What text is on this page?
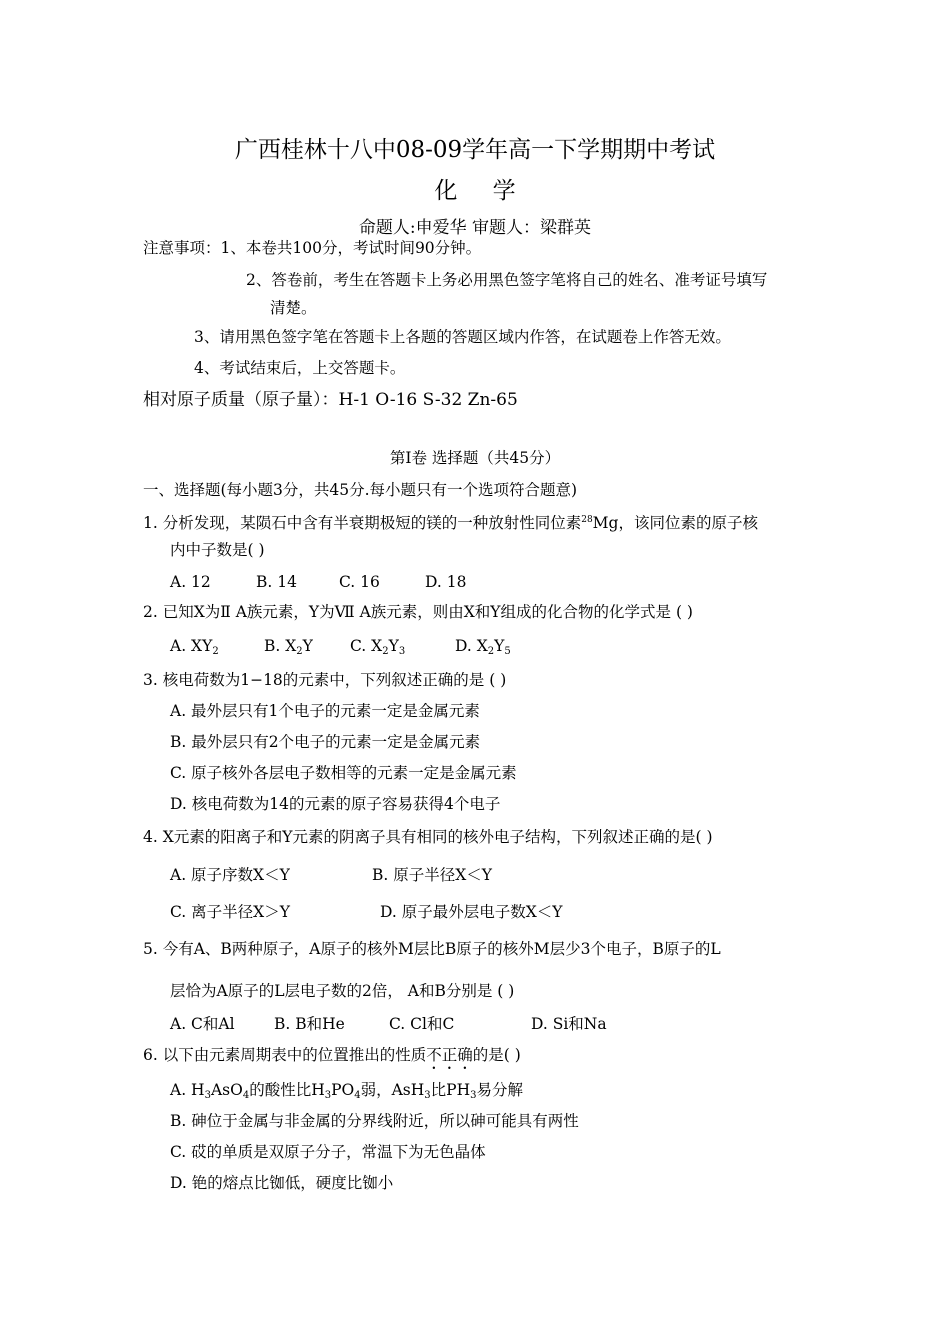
广西桂林十八中08-09学年高一下学期期中考试
化 学
命题人:申爱华 审题人：梁群英
注意事项：1、本卷共100分，考试时间90分钟。
2、答卷前，考生在答题卡上务必用黑色签字笔将自己的姓名、准考证号填写
清楚。
3、请用黑色签字笔在答题卡上各题的答题区域内作答，在试题卷上作答无效。
4、考试结束后，上交答题卡。
相对原子质量（原子量）：H-1 O-16 S-32 Zn-65
第Ⅰ卷 选择题（共45分）
一、选择题(每小题3分，共45分.每小题只有一个选项符合题意)
1. 分析发现，某陨石中含有半衰期极短的镁的一种放射性同位素$^{28}$Mg，该同位素的原子核
内中子数是( )
A. 12	B. 14	C. 16	D. 18
2. 已知X为Ⅱ A族元素，Y为Ⅶ A族元素，则由X和Y组成的化合物的化学式是 ( )
A. $XY_2$	B. $X_2Y$ C. $X_2Y_3$	D. $X_2Y_5$
3. 核电荷数为1−18的元素中，下列叙述正确的是 ( )
A. 最外层只有1个电子的元素一定是金属元素
B. 最外层只有2个电子的元素一定是金属元素
C. 原子核外各层电子数相等的元素一定是金属元素
D. 核电荷数为14的元素的原子容易获得4个电子
4. X元素的阳离子和Y元素的阴离子具有相同的核外电子结构，下列叙述正确的是( )
A. 原子序数X＜Y	B. 原子半径X＜Y
C. 离子半径X＞Y	D. 原子最外层电子数X＜Y
5. 今有A、B两种原子，A原子的核外M层比B原子的核外M层少3个电子，B原子的L
层恰为A原子的L层电子数的2倍， A和B分别是 ( )
A. C和Al	B. B和He	C. Cl和C	D. Si和Na
6. 以下由元素周期表中的位置推出的性质不正确的是( )
A. $H_3AsO_4$的酸性比$H_3PO_4$弱，AsH$_3$比$PH_3$易分解
B. 砷位于金属与非金属的分界线附近，所以砷可能具有两性
C. 砹的单质是双原子分子，常温下为无色晶体
D. 铯的熔点比铷低，硬度比铷小
